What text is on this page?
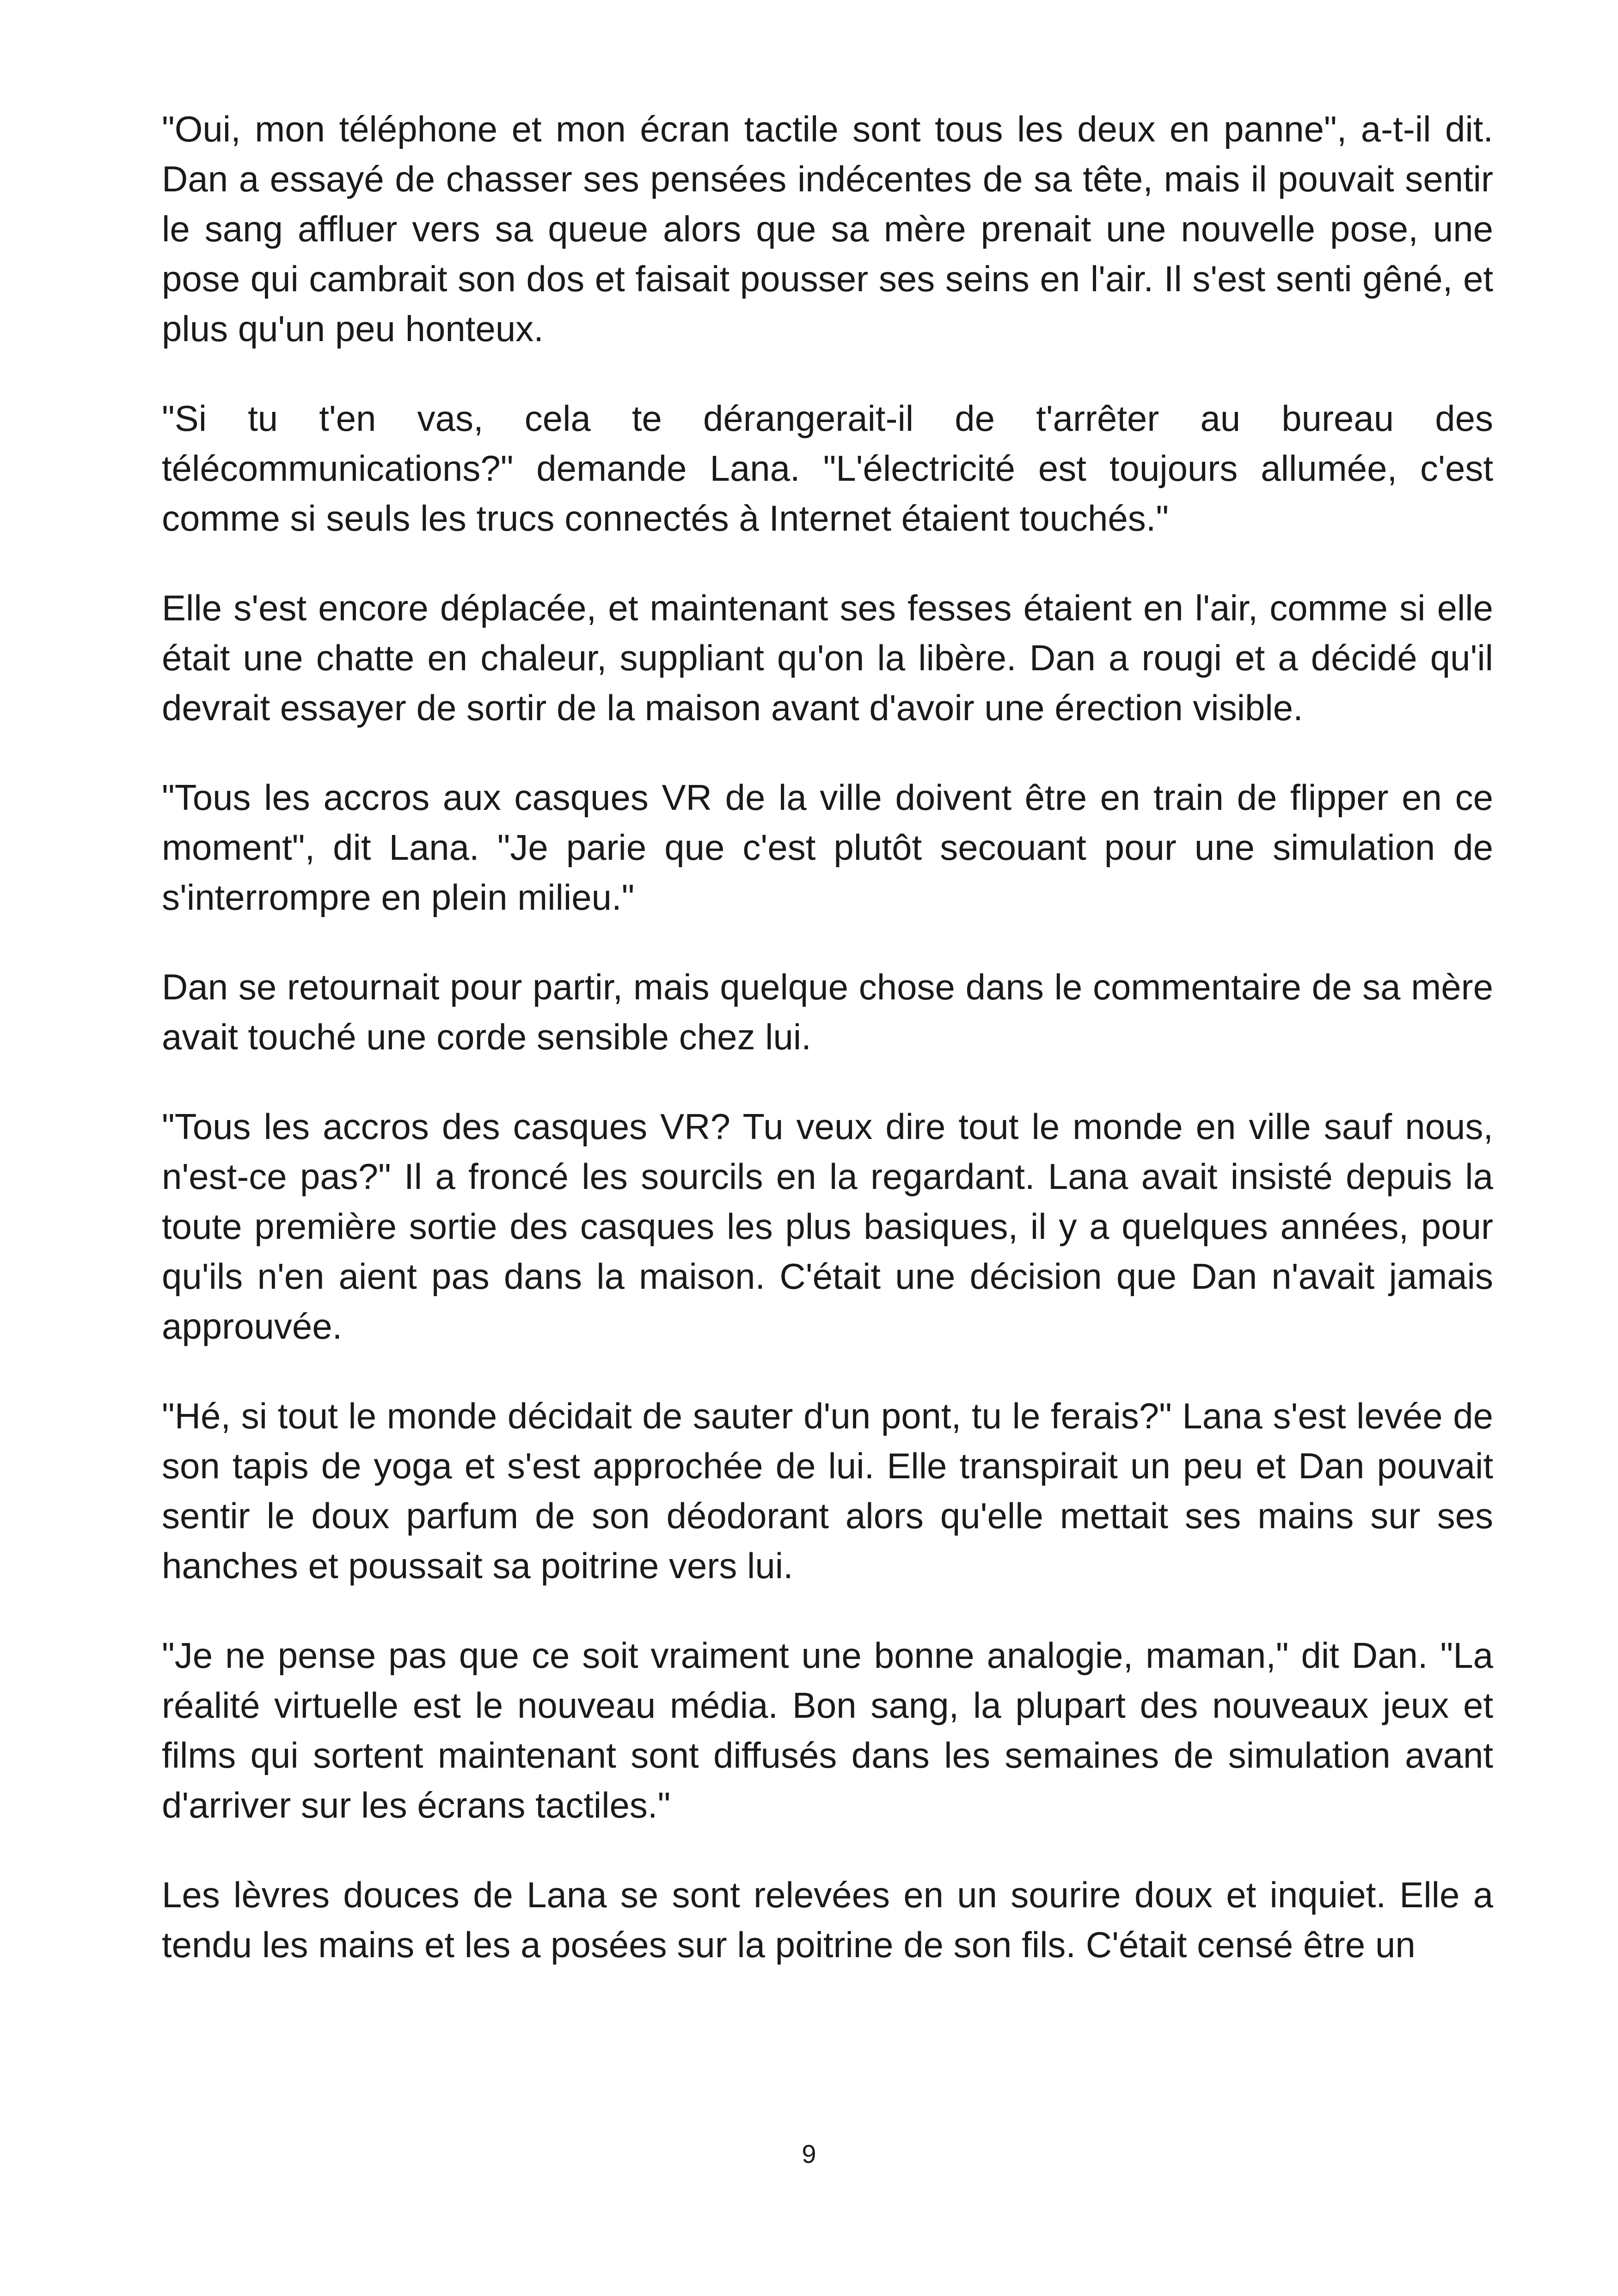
"Oui, mon téléphone et mon écran tactile sont tous les deux en panne", a-t-il dit. Dan a essayé de chasser ses pensées indécentes de sa tête, mais il pouvait sentir le sang affluer vers sa queue alors que sa mère prenait une nouvelle pose, une pose qui cambrait son dos et faisait pousser ses seins en l'air. Il s'est senti gêné, et plus qu'un peu honteux.

"Si tu t'en vas, cela te dérangerait-il de t'arrêter au bureau des télécommunications?" demande Lana. "L'électricité est toujours allumée, c'est comme si seuls les trucs connectés à Internet étaient touchés."

Elle s'est encore déplacée, et maintenant ses fesses étaient en l'air, comme si elle était une chatte en chaleur, suppliant qu'on la libère. Dan a rougi et a décidé qu'il devrait essayer de sortir de la maison avant d'avoir une érection visible.

"Tous les accros aux casques VR de la ville doivent être en train de flipper en ce moment", dit Lana. "Je parie que c'est plutôt secouant pour une simulation de s'interrompre en plein milieu."

Dan se retournait pour partir, mais quelque chose dans le commentaire de sa mère avait touché une corde sensible chez lui.

"Tous les accros des casques VR? Tu veux dire tout le monde en ville sauf nous, n'est-ce pas?" Il a froncé les sourcils en la regardant. Lana avait insisté depuis la toute première sortie des casques les plus basiques, il y a quelques années, pour qu'ils n'en aient pas dans la maison. C'était une décision que Dan n'avait jamais approuvée.

"Hé, si tout le monde décidait de sauter d'un pont, tu le ferais?" Lana s'est levée de son tapis de yoga et s'est approchée de lui. Elle transpirait un peu et Dan pouvait sentir le doux parfum de son déodorant alors qu'elle mettait ses mains sur ses hanches et poussait sa poitrine vers lui.

"Je ne pense pas que ce soit vraiment une bonne analogie, maman," dit Dan. "La réalité virtuelle est le nouveau média. Bon sang, la plupart des nouveaux jeux et films qui sortent maintenant sont diffusés dans les semaines de simulation avant d'arriver sur les écrans tactiles."

Les lèvres douces de Lana se sont relevées en un sourire doux et inquiet. Elle a tendu les mains et les a posées sur la poitrine de son fils. C'était censé être un

9
